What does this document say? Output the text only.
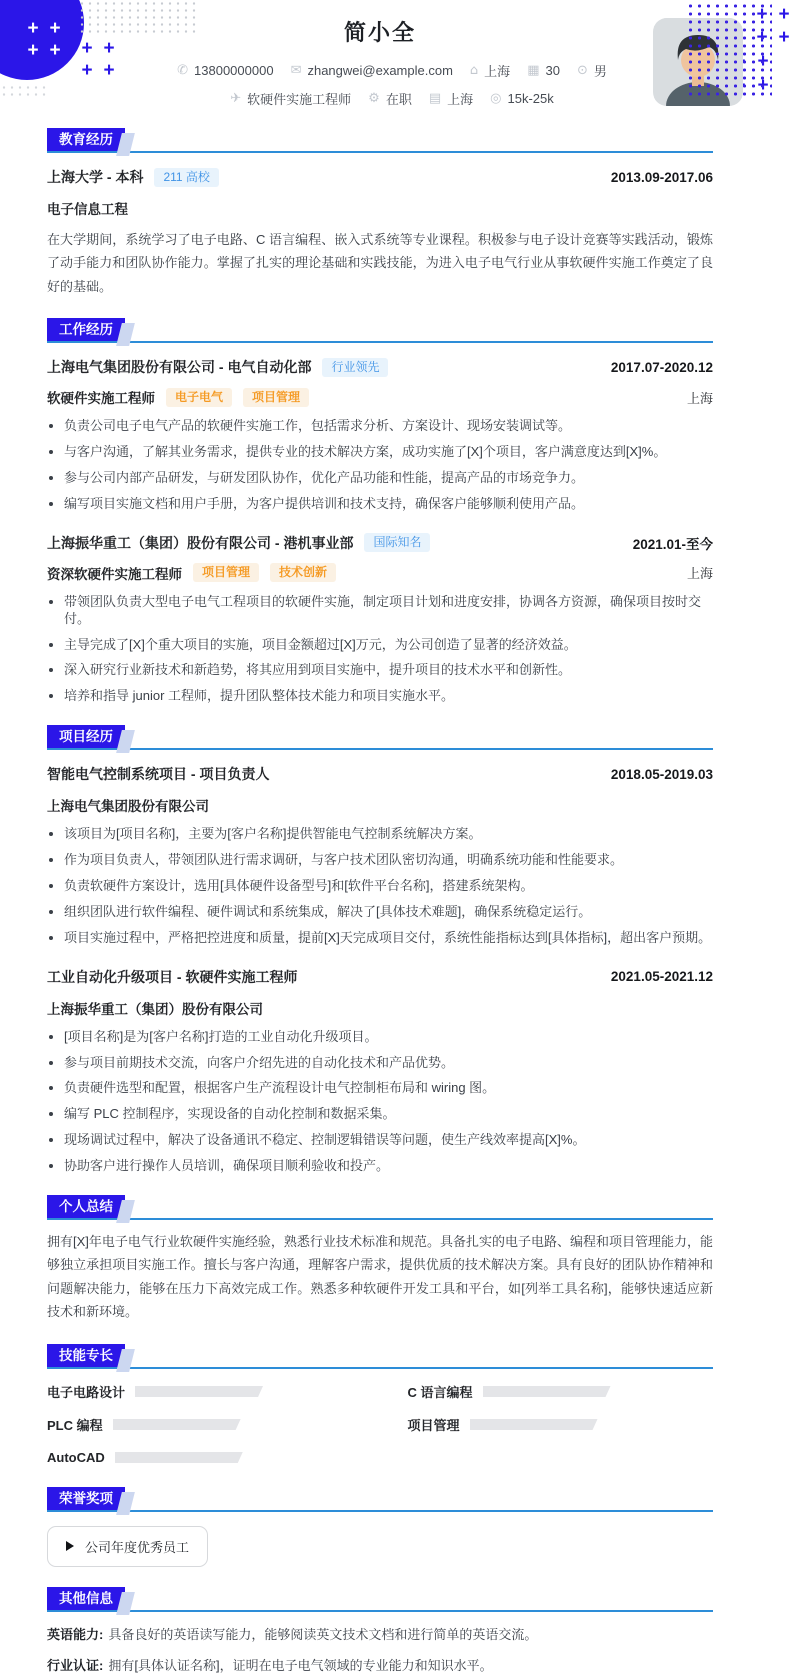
+
+
+
+
+
+
+
+
+
+
+
+
+
+
+
+
简小全
✆ 13800000000 ✉ zhangwei@example.com ⌂ 上海 ▦ 30 ⊙ 男
✈ 软硬件实施工程师 ⚙ 在职 ▤ 上海 ◎ 15k-25k
教育经历
上海大学 - 本科	211 高校	2013.09-2017.06
电子信息工程
在大学期间，系统学习了电子电路、C 语言编程、嵌入式系统等专业课程。积极参与电子设计竞赛等实践活动，锻炼了动手能力和团队协作能力。掌握了扎实的理论基础和实践技能，为进入电子电气行业从事软硬件实施工作奠定了良好的基础。
工作经历
上海电气集团股份有限公司 - 电气自动化部	行业领先	2017.07-2020.12
软硬件实施工程师	电子电气	项目管理	上海
• 负责公司电子电气产品的软硬件实施工作，包括需求分析、方案设计、现场安装调试等。
• 与客户沟通，了解其业务需求，提供专业的技术解决方案，成功实施了[X]个项目，客户满意度达到[X]%。
• 参与公司内部产品研发，与研发团队协作，优化产品功能和性能，提高产品的市场竞争力。
• 编写项目实施文档和用户手册，为客户提供培训和技术支持，确保客户能够顺利使用产品。
上海振华重工（集团）股份有限公司 - 港机事业部	国际知名	2021.01-至今
资深软硬件实施工程师	项目管理	技术创新	上海
• 带领团队负责大型电子电气工程项目的软硬件实施，制定项目计划和进度安排，协调各方资源，确保项目按时交付。
• 主导完成了[X]个重大项目的实施，项目金额超过[X]万元，为公司创造了显著的经济效益。
• 深入研究行业新技术和新趋势，将其应用到项目实施中，提升项目的技术水平和创新性。
• 培养和指导 junior 工程师，提升团队整体技术能力和项目实施水平。
项目经历
智能电气控制系统项目 - 项目负责人	2018.05-2019.03
上海电气集团股份有限公司
• 该项目为[项目名称]，主要为[客户名称]提供智能电气控制系统解决方案。
• 作为项目负责人，带领团队进行需求调研，与客户技术团队密切沟通，明确系统功能和性能要求。
• 负责软硬件方案设计，选用[具体硬件设备型号]和[软件平台名称]，搭建系统架构。
• 组织团队进行软件编程、硬件调试和系统集成，解决了[具体技术难题]，确保系统稳定运行。
• 项目实施过程中，严格把控进度和质量，提前[X]天完成项目交付，系统性能指标达到[具体指标]，超出客户预期。
工业自动化升级项目 - 软硬件实施工程师	2021.05-2021.12
上海振华重工（集团）股份有限公司
• [项目名称]是为[客户名称]打造的工业自动化升级项目。
• 参与项目前期技术交流，向客户介绍先进的自动化技术和产品优势。
• 负责硬件选型和配置，根据客户生产流程设计电气控制柜布局和 wiring 图。
• 编写 PLC 控制程序，实现设备的自动化控制和数据采集。
• 现场调试过程中，解决了设备通讯不稳定、控制逻辑错误等问题，使生产线效率提高[X]%。
• 协助客户进行操作人员培训，确保项目顺利验收和投产。
个人总结
拥有[X]年电子电气行业软硬件实施经验，熟悉行业技术标准和规范。具备扎实的电子电路、编程和项目管理能力，能够独立承担项目实施工作。擅长与客户沟通，理解客户需求，提供优质的技术解决方案。具有良好的团队协作精神和问题解决能力，能够在压力下高效完成工作。熟悉多种软硬件开发工具和平台，如[列举工具名称]，能够快速适应新技术和新环境。
技能专长
电子电路设计	C 语言编程
PLC 编程	项目管理
AutoCAD
荣誉奖项
公司年度优秀员工
其他信息
英语能力: 具备良好的英语读写能力，能够阅读英文技术文档和进行简单的英语交流。
行业认证: 拥有[具体认证名称]，证明在电子电气领域的专业能力和知识水平。
